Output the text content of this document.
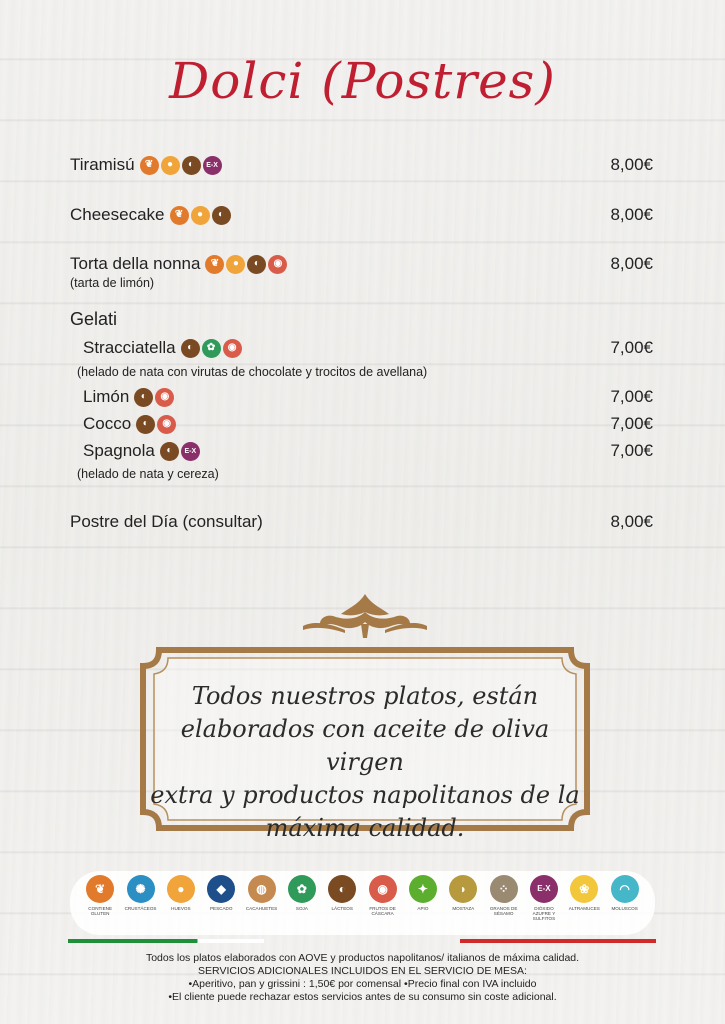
Dolci (Postres)
Tiramisú	❦	●	◐	E-X	8,00€
Cheesecake	❦	●	◐	8,00€
Torta della nonna	❦	●	◐	◉	8,00€
(tarta de limón)
Gelati
Stracciatella	◐	✿	◉	7,00€
(helado de nata con virutas de chocolate y trocitos de avellana)
Limón	◐	◉	7,00€
Cocco	◐	◉	7,00€
Spagnola	◐	E-X	7,00€
(helado de nata y cereza)
Postre del Día (consultar)	8,00€
Todos nuestros platos, están
elaborados con aceite de oliva virgen
extra y productos napolitanos de la
máxima calidad.
❦
CONTIENE GLUTEN
✺
CRUSTÁCEOS
●
HUEVOS
◆
PESCADO
◍
CACAHUETES
✿
SOJA
◐
LÁCTEOS
◉
FRUTOS DE CÁSCARA
✦
APIO
◗
MOSTAZA
⁘
GRANOS DE SÉSAMO
E-X
DIÓXIDO AZUFRE Y SULFITOS
❀
ALTRAMUCES
◠
MOLUSCOS
Todos los platos elaborados con AOVE y productos napolitanos/ italianos de máxima calidad.
SERVICIOS ADICIONALES INCLUIDOS EN EL SERVICIO DE MESA:
•Aperitivo, pan y grissini : 1,50€ por comensal •Precio final con IVA incluido
•El cliente puede rechazar estos servicios antes de su consumo sin coste adicional.
